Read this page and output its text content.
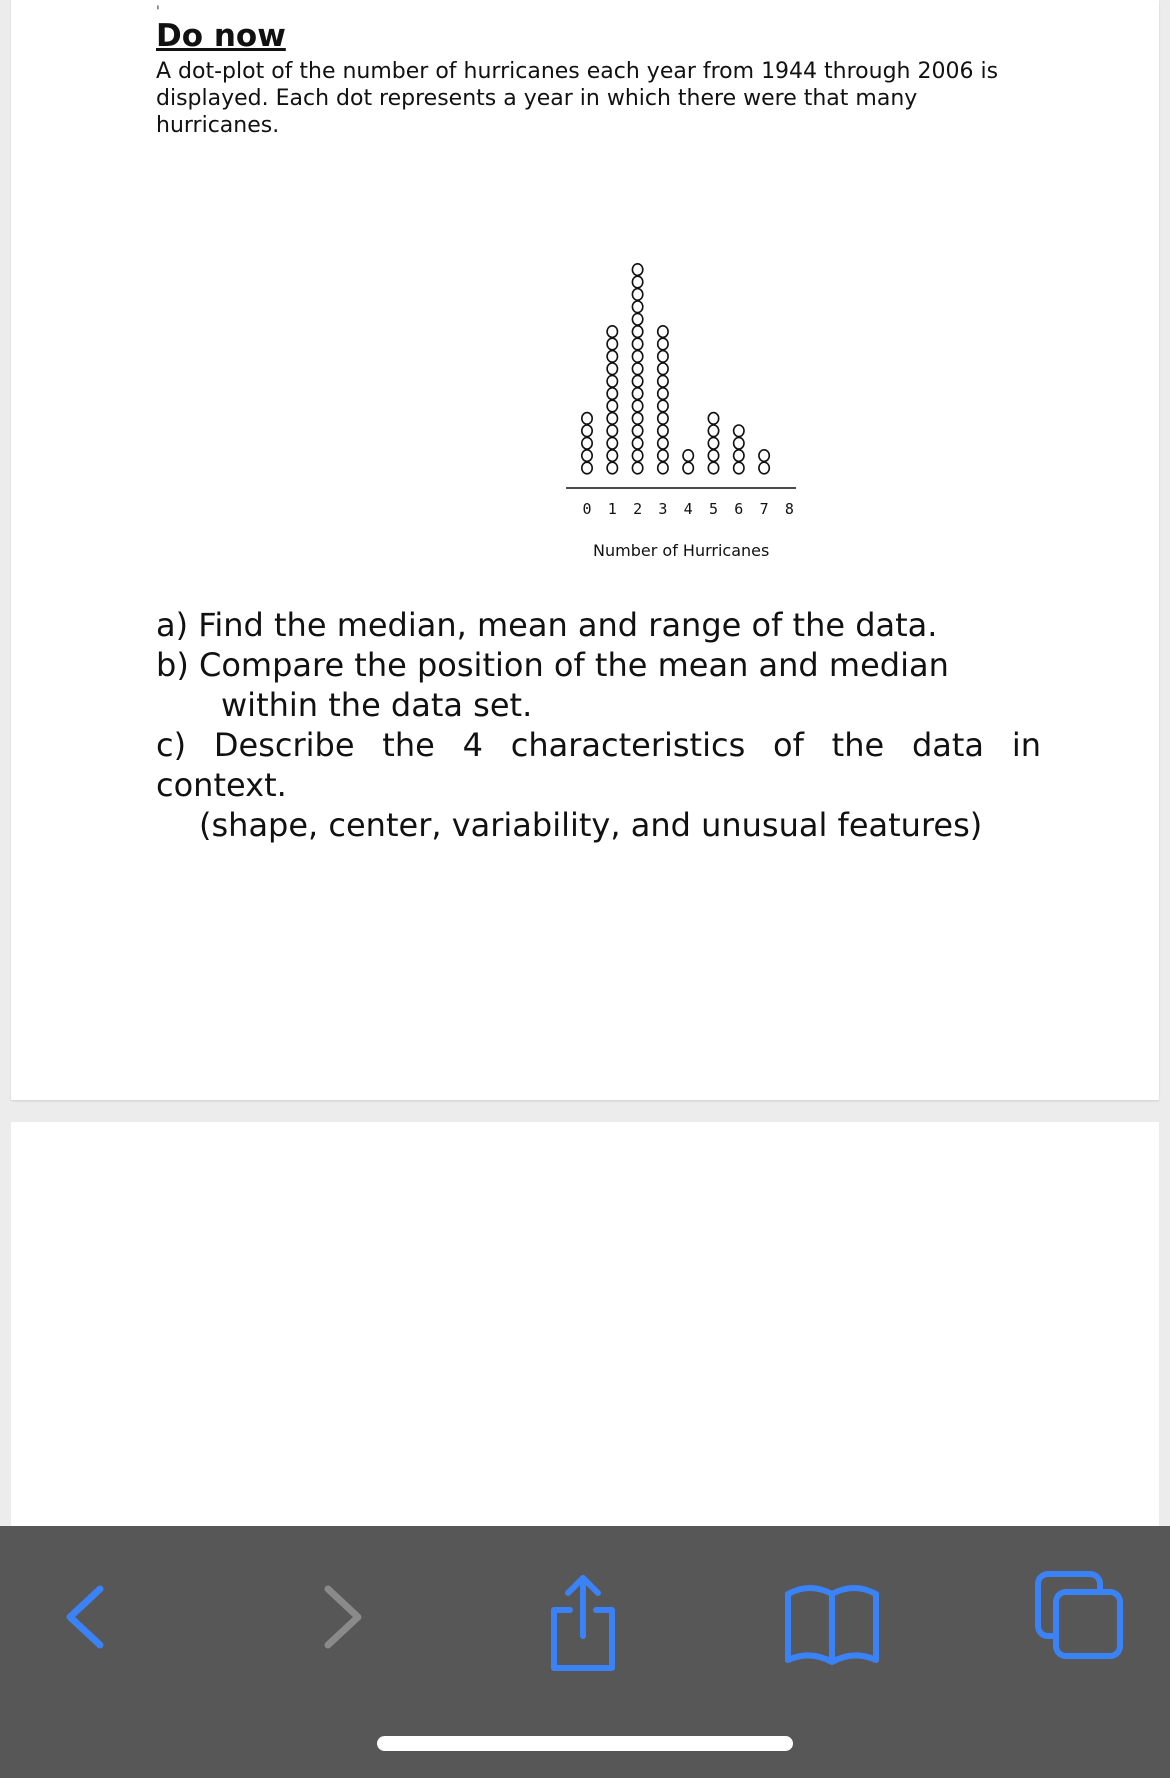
'
Do now

A dot-plot of the number of hurricanes each year from 1944 through 2006 is displayed. Each dot represents a year in which there were that many hurricanes.

0 1 2 3 4 5 6 7 8
Number of Hurricanes

a) Find the median, mean and range of the data.

b) Compare the position of the mean and median

within the data set.

c) Describe the 4 characteristics of the data in

context.

(shape, center, variability, and unusual features)
